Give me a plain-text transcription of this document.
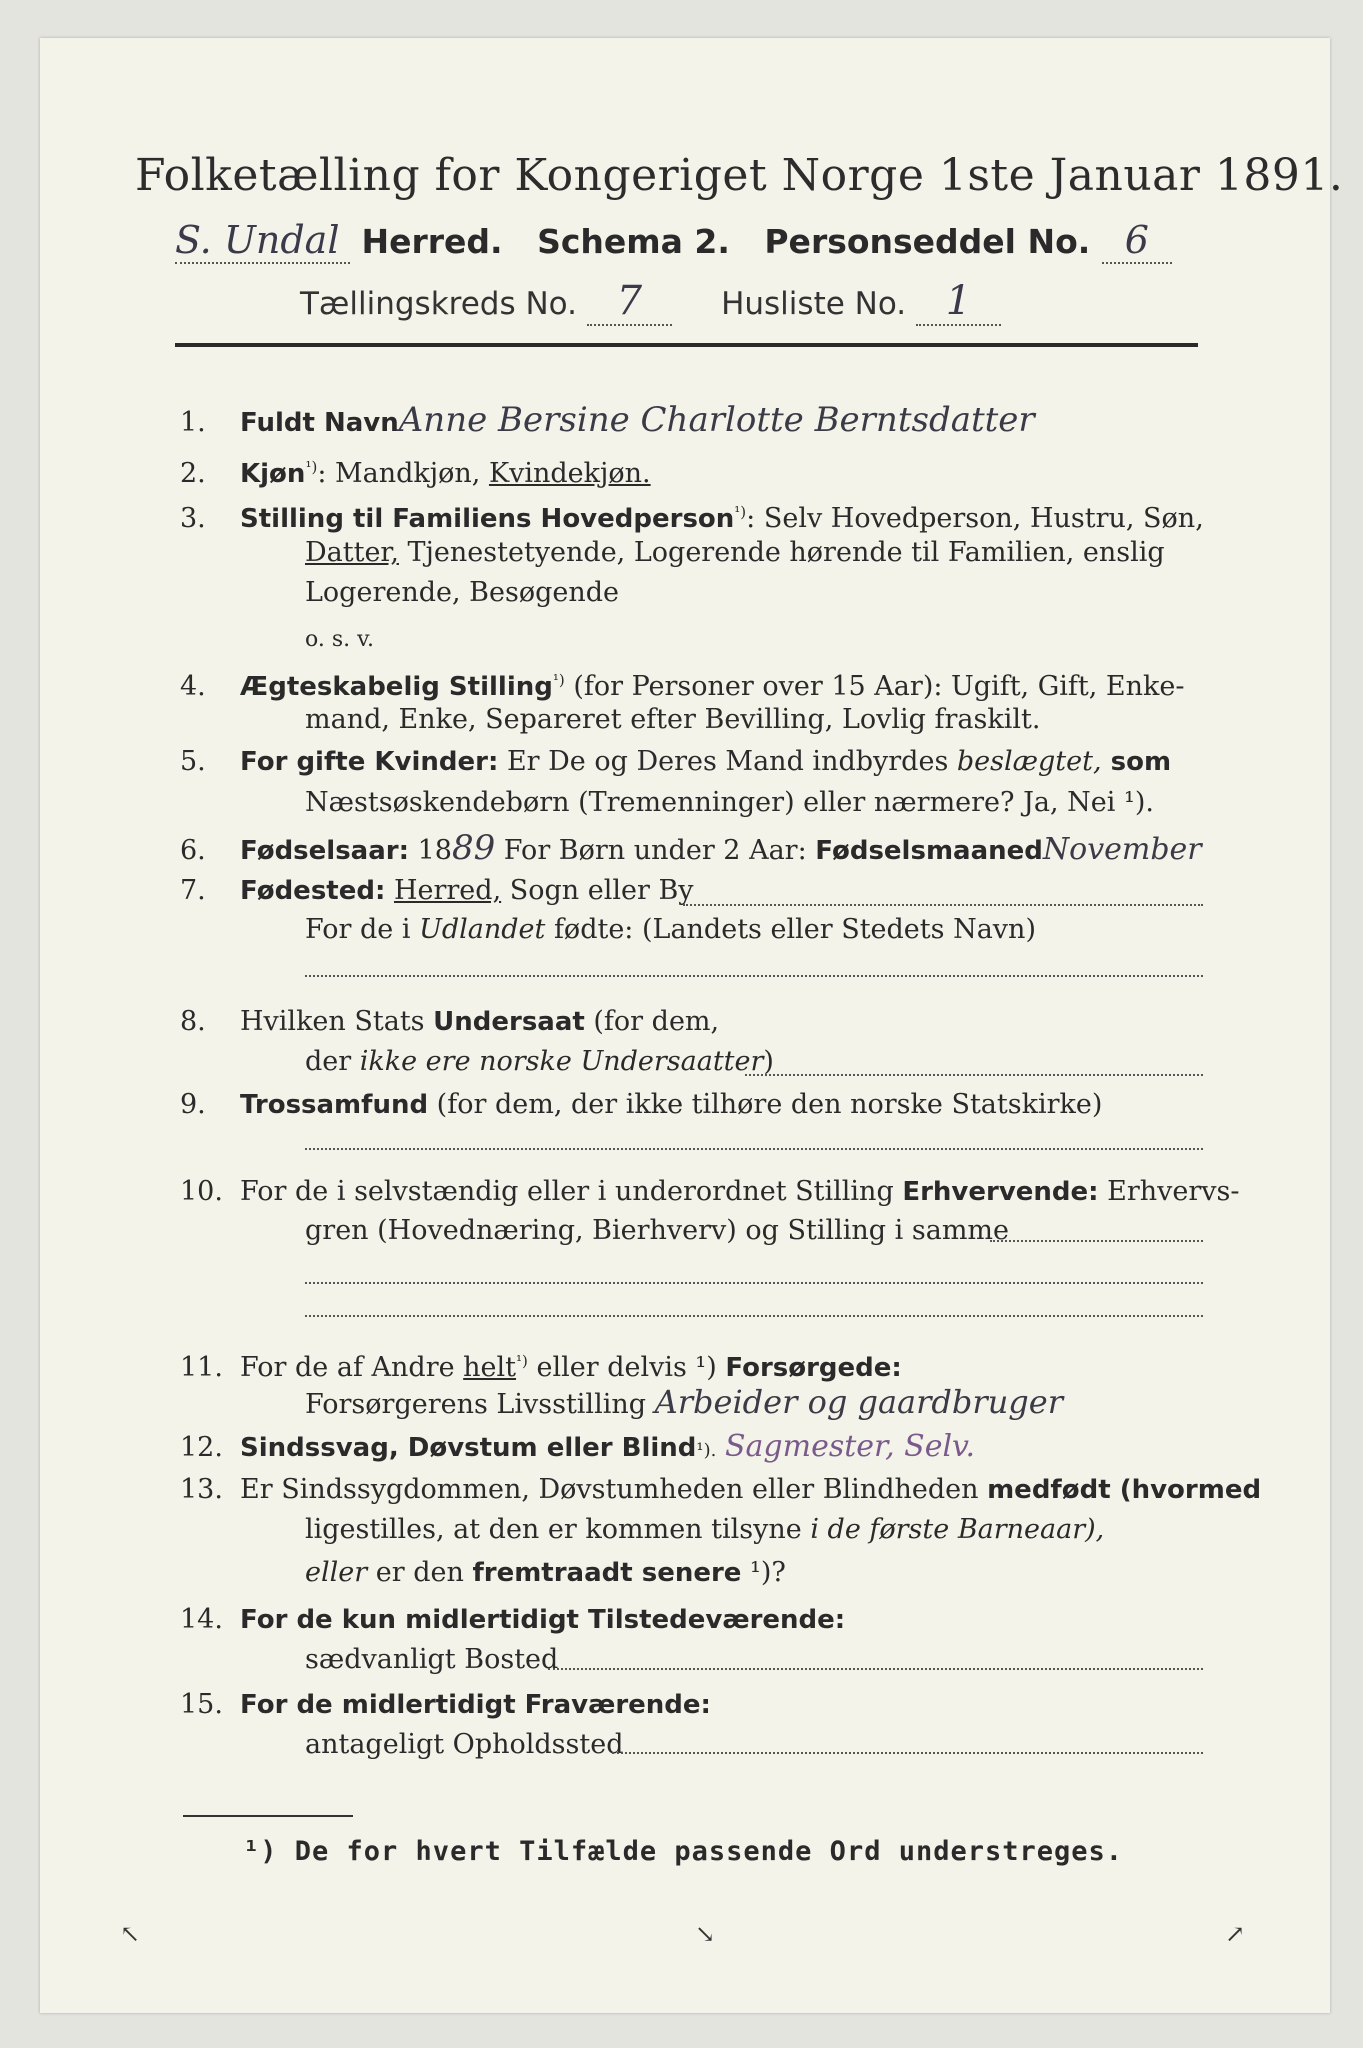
Folketælling for Kongeriget Norge 1ste Januar 1891.
S. Undal Herred. Schema 2. Personseddel No. 6
Tællingskreds No. 7	Husliste No. 1
1. Fuldt NavnAnne Bersine Charlotte Berntsdatter
2. Kjøn$^{^1)}$: Mandkjøn, Kvindekjøn.
3. Stilling til Familiens Hovedperson$^{^1)}$: Selv Hovedperson, Hustru, Søn,
Datter, Tjenestetyende, Logerende hørende til Familien, enslig
Logerende, Besøgende
o. s. v.
4. Ægteskabelig Stilling$^{^1)}$ (for Personer over 15 Aar): Ugift, Gift, Enke-
mand, Enke, Separeret efter Bevilling, Lovlig fraskilt.
5. For gifte Kvinder: Er De og Deres Mand indbyrdes beslægtet, som
Næstsøskendebørn (Tremenninger) eller nærmere? Ja, Nei ¹).
6. Fødselsaar: 1889 For Børn under 2 Aar: FødselsmaanedNovember
7. Fødested: Herred, Sogn eller By
For de i Udlandet fødte: (Landets eller Stedets Navn)
8. Hvilken Stats Undersaat (for dem,
der ikke ere norske Undersaatter)
9. Trossamfund (for dem, der ikke tilhøre den norske Statskirke)
10. For de i selvstændig eller i underordnet Stilling Erhvervende: Erhvervs-
gren (Hovednæring, Bierhverv) og Stilling i samme
11. For de af Andre helt$^{^1)}$ eller delvis ¹) Forsørgede:
Forsørgerens Livsstilling Arbeider og gaardbruger
12. Sindssvag, Døvstum eller Blind¹). Sagmester, Selv.
13. Er Sindssygdommen, Døvstumheden eller Blindheden medfødt (hvormed
ligestilles, at den er kommen tilsyne i de første Barneaar),
eller er den fremtraadt senere ¹)?
14. For de kun midlertidigt Tilstedeværende:
sædvanligt Bosted
15. For de midlertidigt Fraværende:
antageligt Opholdssted
¹) De for hvert Tilfælde passende Ord understreges.
↖	↘	↗
